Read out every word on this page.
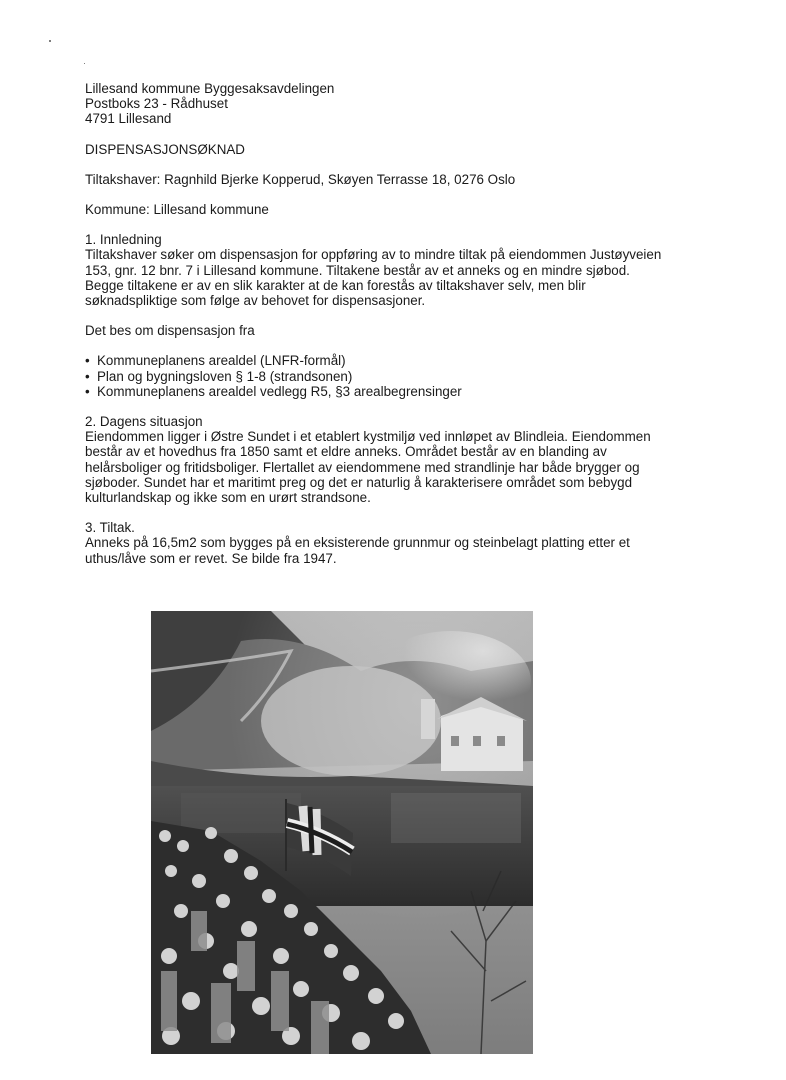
Lillesand kommune Byggesaksavdelingen
Postboks 23 - Rådhuset
4791 Lillesand
DISPENSASJONSØKNAD
Tiltakshaver: Ragnhild Bjerke Kopperud, Skøyen Terrasse 18, 0276 Oslo
Kommune: Lillesand kommune
1. Innledning
Tiltakshaver søker om dispensasjon for oppføring av to mindre tiltak på eiendommen Justøyveien
153, gnr. 12 bnr. 7 i Lillesand kommune. Tiltakene består av et anneks og en mindre sjøbod.
Begge tiltakene er av en slik karakter at de kan forestås av tiltakshaver selv, men blir
søknadspliktige som følge av behovet for dispensasjoner.
Det bes om dispensasjon fra
• Kommuneplanens arealdel (LNFR-formål)
• Plan og bygningsloven § 1-8 (strandsonen)
• Kommuneplanens arealdel vedlegg R5, §3 arealbegrensinger
2. Dagens situasjon
Eiendommen ligger i Østre Sundet i et etablert kystmiljø ved innløpet av Blindleia. Eiendommen
består av et hovedhus fra 1850 samt et eldre anneks. Området består av en blanding av
helårsboliger og fritidsboliger. Flertallet av eiendommene med strandlinje har både brygger og
sjøboder. Sundet har et maritimt preg og det er naturlig å karakterisere området som bebygd
kulturlandskap og ikke som en urørt strandsone.
3. Tiltak.
Anneks på 16,5m2 som bygges på en eksisterende grunnmur og steinbelagt platting etter et
uthus/låve som er revet. Se bilde fra 1947.
